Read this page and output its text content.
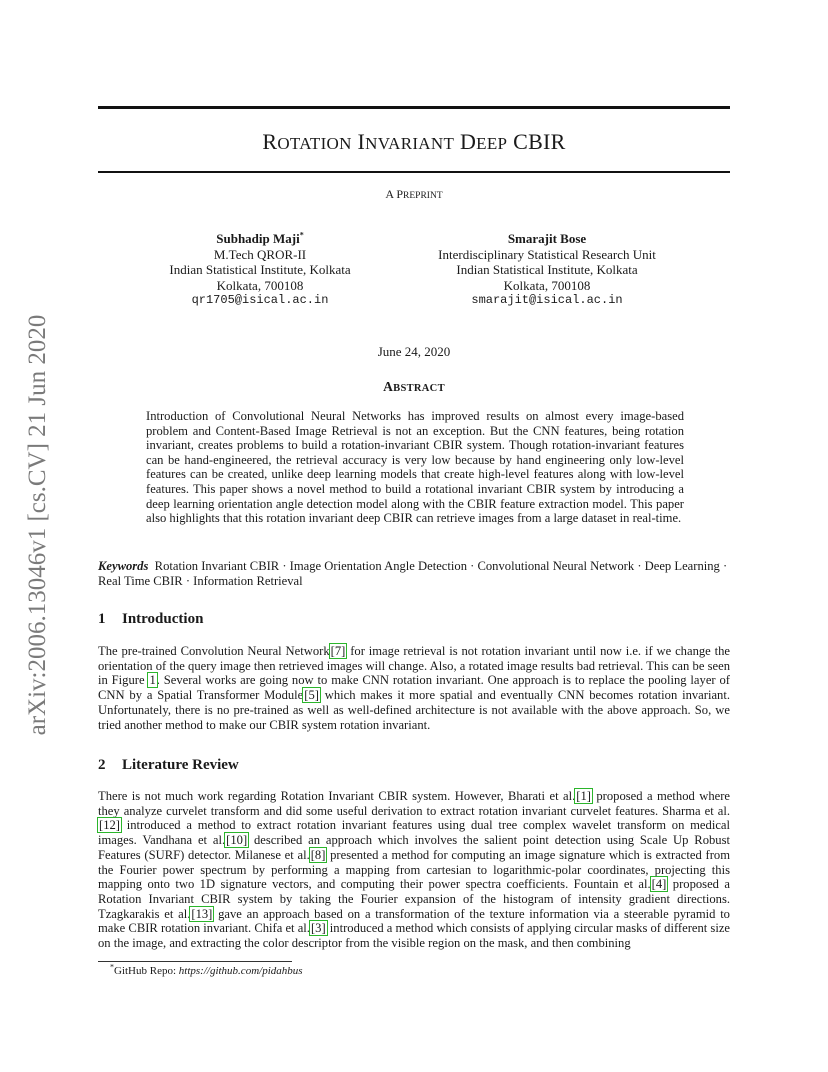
arXiv:2006.13046v1 [cs.CV] 21 Jun 2020
ROTATION INVARIANT DEEP CBIR
A PREPRINT
Subhadip Maji*
M.Tech QROR-II
Indian Statistical Institute, Kolkata
Kolkata, 700108
qr1705@isical.ac.in
Smarajit Bose
Interdisciplinary Statistical Research Unit
Indian Statistical Institute, Kolkata
Kolkata, 700108
smarajit@isical.ac.in
June 24, 2020
ABSTRACT
Introduction of Convolutional Neural Networks has improved results on almost every image-based problem and Content-Based Image Retrieval is not an exception. But the CNN features, being rotation invariant, creates problems to build a rotation-invariant CBIR system. Though rotation-invariant features can be hand-engineered, the retrieval accuracy is very low because by hand engineering only low-level features can be created, unlike deep learning models that create high-level features along with low-level features. This paper shows a novel method to build a rotational invariant CBIR system by introducing a deep learning orientation angle detection model along with the CBIR feature extraction model. This paper also highlights that this rotation invariant deep CBIR can retrieve images from a large dataset in real-time.
Keywords Rotation Invariant CBIR · Image Orientation Angle Detection · Convolutional Neural Network · Deep Learning · Real Time CBIR · Information Retrieval
1 Introduction
The pre-trained Convolution Neural Network[7] for image retrieval is not rotation invariant until now i.e. if we change the orientation of the query image then retrieved images will change. Also, a rotated image results bad retrieval. This can be seen in Figure 1. Several works are going now to make CNN rotation invariant. One approach is to replace the pooling layer of CNN by a Spatial Transformer Module[5] which makes it more spatial and eventually CNN becomes rotation invariant. Unfortunately, there is no pre-trained as well as well-defined architecture is not available with the above approach. So, we tried another method to make our CBIR system rotation invariant.
2 Literature Review
There is not much work regarding Rotation Invariant CBIR system. However, Bharati et al.[1] proposed a method where they analyze curvelet transform and did some useful derivation to extract rotation invariant curvelet features. Sharma et al.[12] introduced a method to extract rotation invariant features using dual tree complex wavelet transform on medical images. Vandhana et al.[10] described an approach which involves the salient point detection using Scale Up Robust Features (SURF) detector. Milanese et al.[8] presented a method for computing an image signature which is extracted from the Fourier power spectrum by performing a mapping from cartesian to logarithmic-polar coordinates, projecting this mapping onto two 1D signature vectors, and computing their power spectra coefficients. Fountain et al.[4] proposed a Rotation Invariant CBIR system by taking the Fourier expansion of the histogram of intensity gradient directions. Tzagkarakis et al.[13] gave an approach based on a transformation of the texture information via a steerable pyramid to make CBIR rotation invariant. Chifa et al.[3] introduced a method which consists of applying circular masks of different size on the image, and extracting the color descriptor from the visible region on the mask, and then combining
*GitHub Repo: https://github.com/pidahbus
